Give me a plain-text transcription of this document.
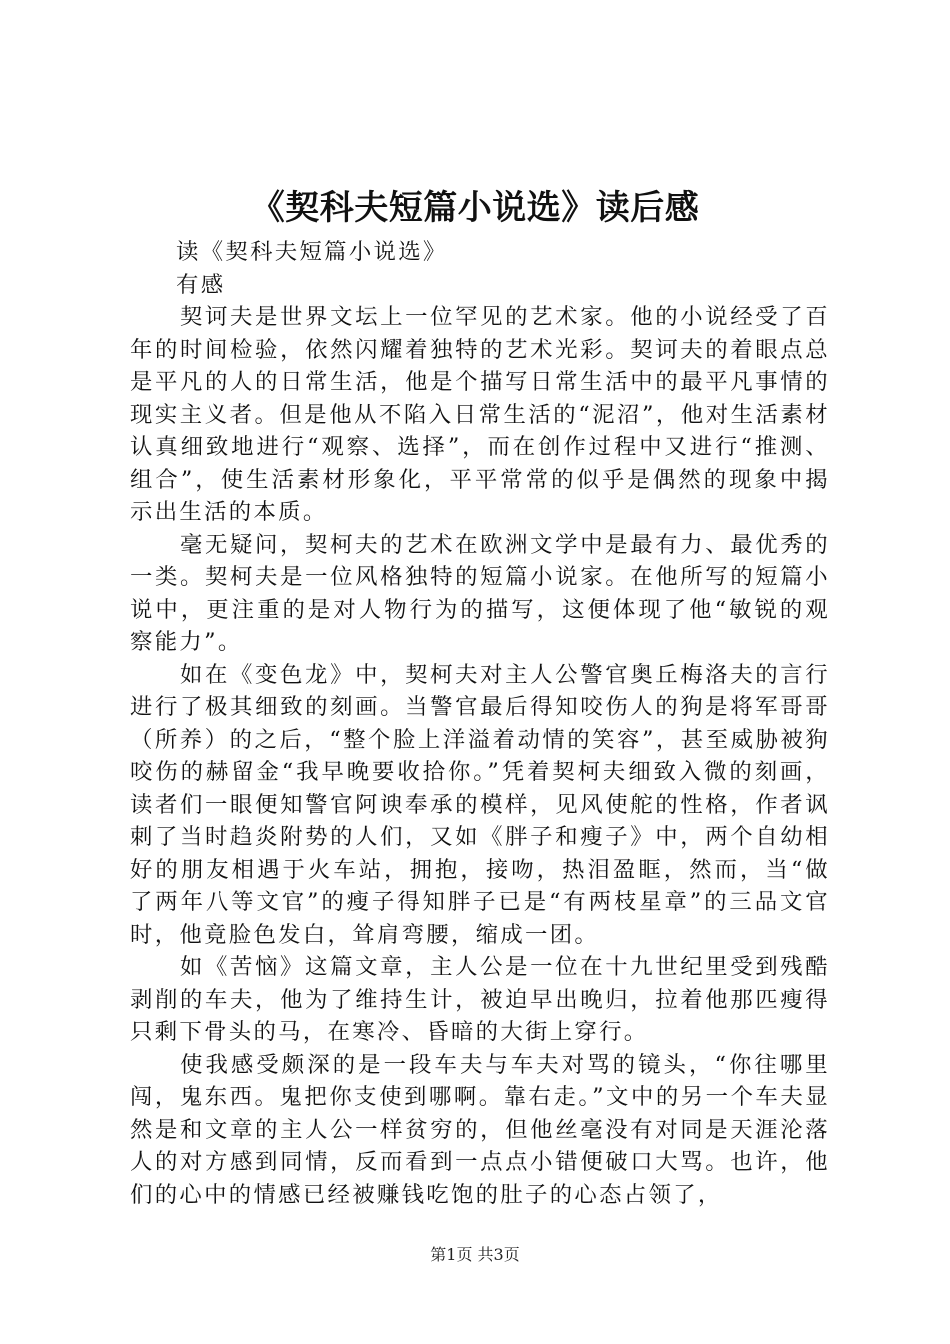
《契科夫短篇小说选》读后感

读《契科夫短篇小说选》

有感

契诃夫是世界文坛上一位罕见的艺术家。他的小说经受了百年的时间检验，依然闪耀着独特的艺术光彩。契诃夫的着眼点总是平凡的人的日常生活，他是个描写日常生活中的最平凡事情的现实主义者。但是他从不陷入日常生活的“泥沼”，他对生活素材认真细致地进行“观察、选择”，而在创作过程中又进行“推测、组合”，使生活素材形象化，平平常常的似乎是偶然的现象中揭示出生活的本质。

毫无疑问，契柯夫的艺术在欧洲文学中是最有力、最优秀的一类。契柯夫是一位风格独特的短篇小说家。在他所写的短篇小说中，更注重的是对人物行为的描写，这便体现了他“敏锐的观察能力”。

如在《变色龙》中，契柯夫对主人公警官奥丘梅洛夫的言行进行了极其细致的刻画。当警官最后得知咬伤人的狗是将军哥哥（所养）的之后，“整个脸上洋溢着动情的笑容”，甚至威胁被狗咬伤的赫留金“我早晚要收拾你。”凭着契柯夫细致入微的刻画，读者们一眼便知警官阿谀奉承的模样，见风使舵的性格，作者讽刺了当时趋炎附势的人们，又如《胖子和瘦子》中，两个自幼相好的朋友相遇于火车站，拥抱，接吻，热泪盈眶，然而，当“做了两年八等文官”的瘦子得知胖子已是“有两枝星章”的三品文官时，他竟脸色发白，耸肩弯腰，缩成一团。

如《苦恼》这篇文章，主人公是一位在十九世纪里受到残酷剥削的车夫，他为了维持生计，被迫早出晚归，拉着他那匹瘦得只剩下骨头的马，在寒冷、昏暗的大街上穿行。

使我感受颇深的是一段车夫与车夫对骂的镜头，“你往哪里闯，鬼东西。鬼把你支使到哪啊。靠右走。”文中的另一个车夫显然是和文章的主人公一样贫穷的，但他丝毫没有对同是天涯沦落人的对方感到同情，反而看到一点点小错便破口大骂。也许，他们的心中的情感已经被赚钱吃饱的肚子的心态占领了，

第1页 共3页
